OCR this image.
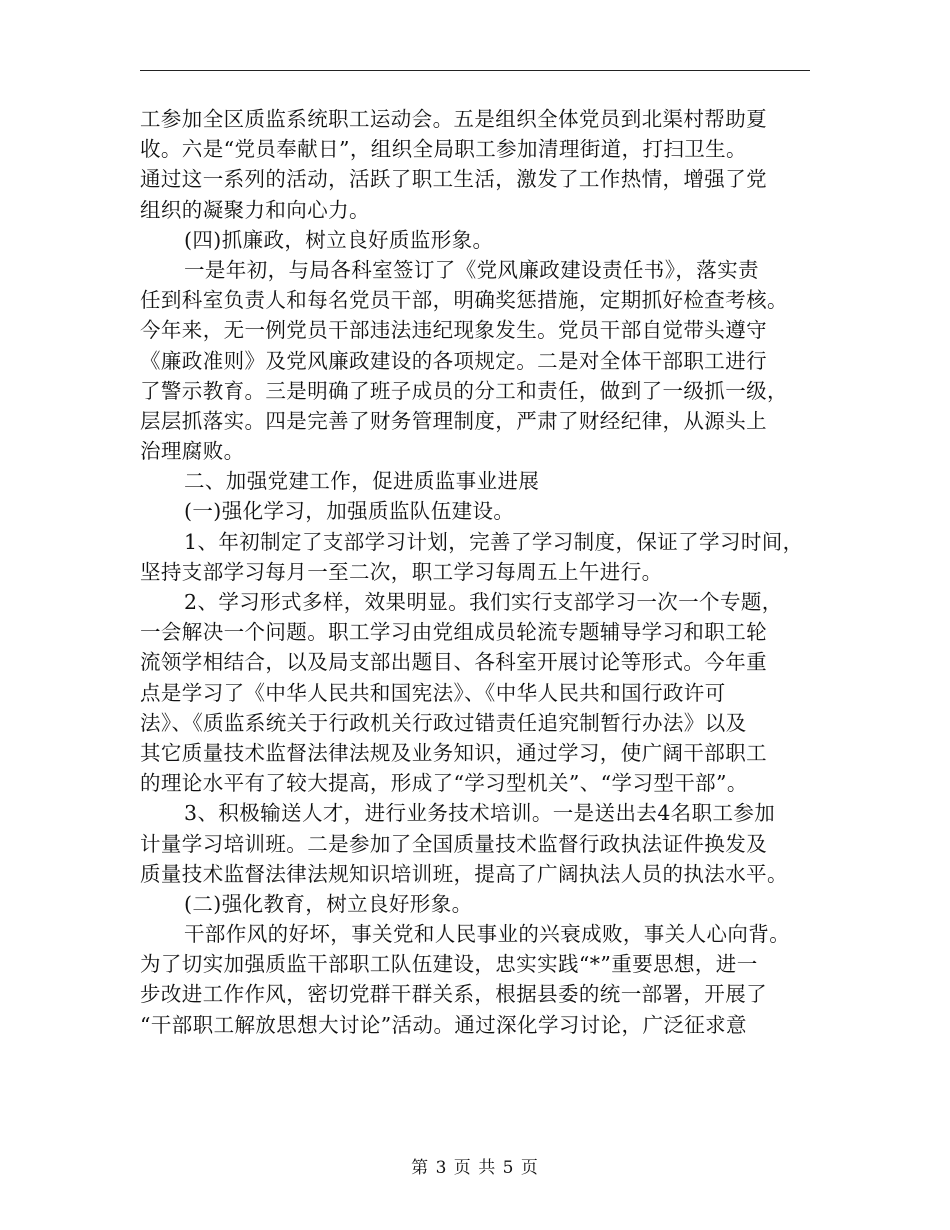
工参加全区质监系统职工运动会。五是组织全体党员到北渠村帮助夏
收。六是“党员奉献日”，组织全局职工参加清理街道，打扫卫生。
通过这一系列的活动，活跃了职工生活，激发了工作热情，增强了党
组织的凝聚力和向心力。
(四)抓廉政，树立良好质监形象。
一是年初，与局各科室签订了《党风廉政建设责任书》，落实责
任到科室负责人和每名党员干部，明确奖惩措施，定期抓好检查考核。
今年来，无一例党员干部违法违纪现象发生。党员干部自觉带头遵守
《廉政准则》及党风廉政建设的各项规定。二是对全体干部职工进行
了警示教育。三是明确了班子成员的分工和责任，做到了一级抓一级，
层层抓落实。四是完善了财务管理制度，严肃了财经纪律，从源头上
治理腐败。
二、加强党建工作，促进质监事业进展
(一)强化学习，加强质监队伍建设。
1、年初制定了支部学习计划，完善了学习制度，保证了学习时间，
坚持支部学习每月一至二次，职工学习每周五上午进行。
2、学习形式多样，效果明显。我们实行支部学习一次一个专题，
一会解决一个问题。职工学习由党组成员轮流专题辅导学习和职工轮
流领学相结合，以及局支部出题目、各科室开展讨论等形式。今年重
点是学习了《中华人民共和国宪法》、《中华人民共和国行政许可
法》、《质监系统关于行政机关行政过错责任追究制暂行办法》以及
其它质量技术监督法律法规及业务知识，通过学习，使广阔干部职工
的理论水平有了较大提高，形成了“学习型机关”、“学习型干部”。
3、积极输送人才，进行业务技术培训。一是送出去4名职工参加
计量学习培训班。二是参加了全国质量技术监督行政执法证件换发及
质量技术监督法律法规知识培训班，提高了广阔执法人员的执法水平。
(二)强化教育，树立良好形象。
干部作风的好坏，事关党和人民事业的兴衰成败，事关人心向背。
为了切实加强质监干部职工队伍建设，忠实实践“*”重要思想，进一
步改进工作作风，密切党群干群关系，根据县委的统一部署，开展了
“干部职工解放思想大讨论”活动。通过深化学习讨论，广泛征求意
第 3 页 共 5 页
